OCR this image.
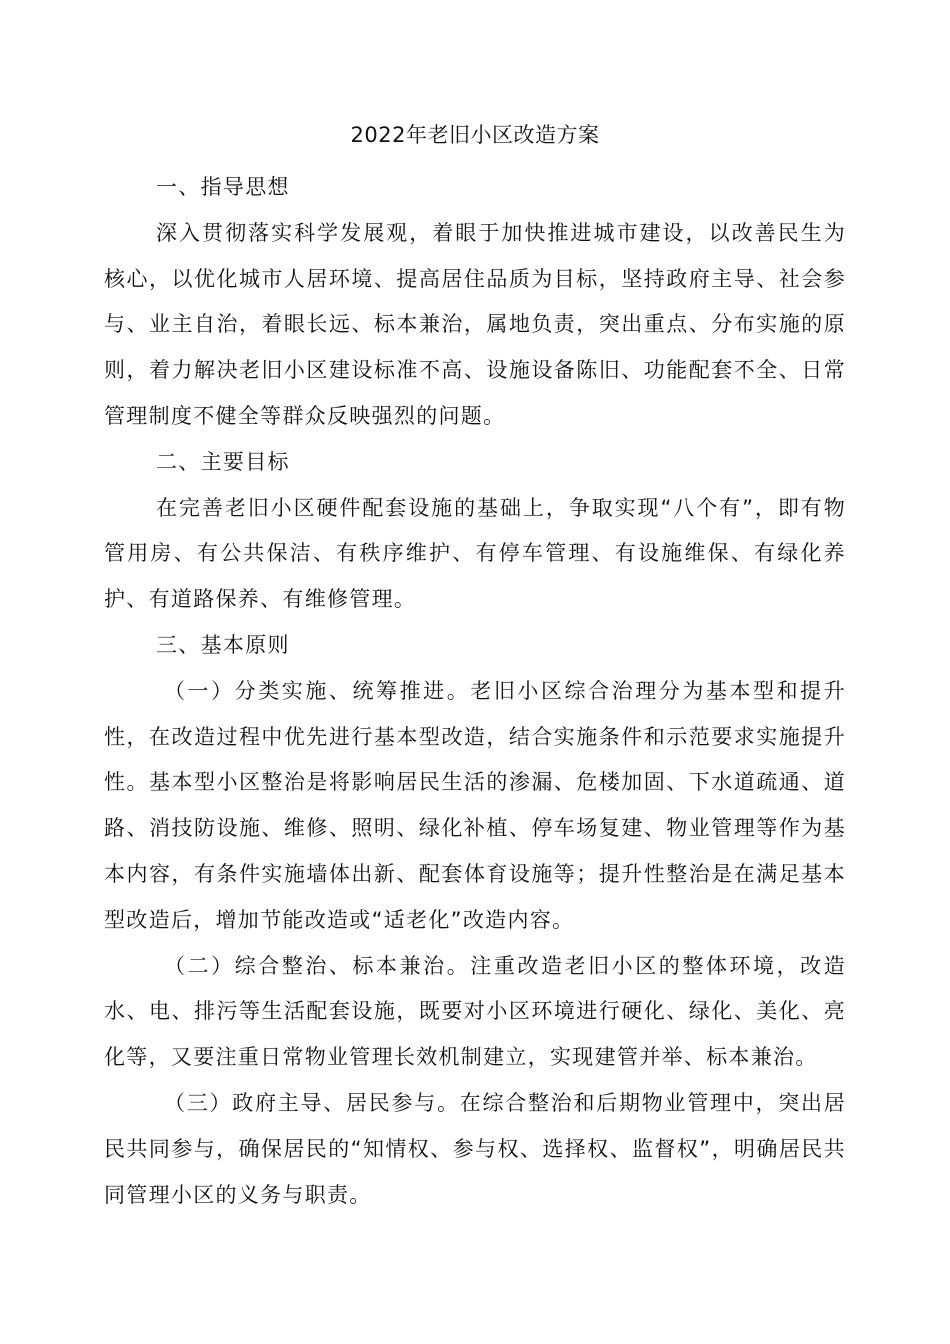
2022年老旧小区改造方案

一、指导思想

深入贯彻落实科学发展观，着眼于加快推进城市建设，以改善民生为核心，以优化城市人居环境、提高居住品质为目标，坚持政府主导、社会参与、业主自治，着眼长远、标本兼治，属地负责，突出重点、分布实施的原则，着力解决老旧小区建设标准不高、设施设备陈旧、功能配套不全、日常管理制度不健全等群众反映强烈的问题。

二、主要目标

在完善老旧小区硬件配套设施的基础上，争取实现“八个有”，即有物管用房、有公共保洁、有秩序维护、有停车管理、有设施维保、有绿化养护、有道路保养、有维修管理。

三、基本原则

（一）分类实施、统筹推进。老旧小区综合治理分为基本型和提升性，在改造过程中优先进行基本型改造，结合实施条件和示范要求实施提升性。基本型小区整治是将影响居民生活的渗漏、危楼加固、下水道疏通、道路、消技防设施、维修、照明、绿化补植、停车场复建、物业管理等作为基本内容，有条件实施墙体出新、配套体育设施等；提升性整治是在满足基本型改造后，增加节能改造或“适老化”改造内容。

（二）综合整治、标本兼治。注重改造老旧小区的整体环境，改造水、电、排污等生活配套设施，既要对小区环境进行硬化、绿化、美化、亮化等，又要注重日常物业管理长效机制建立，实现建管并举、标本兼治。

（三）政府主导、居民参与。在综合整治和后期物业管理中，突出居民共同参与，确保居民的“知情权、参与权、选择权、监督权”，明确居民共同管理小区的义务与职责。
